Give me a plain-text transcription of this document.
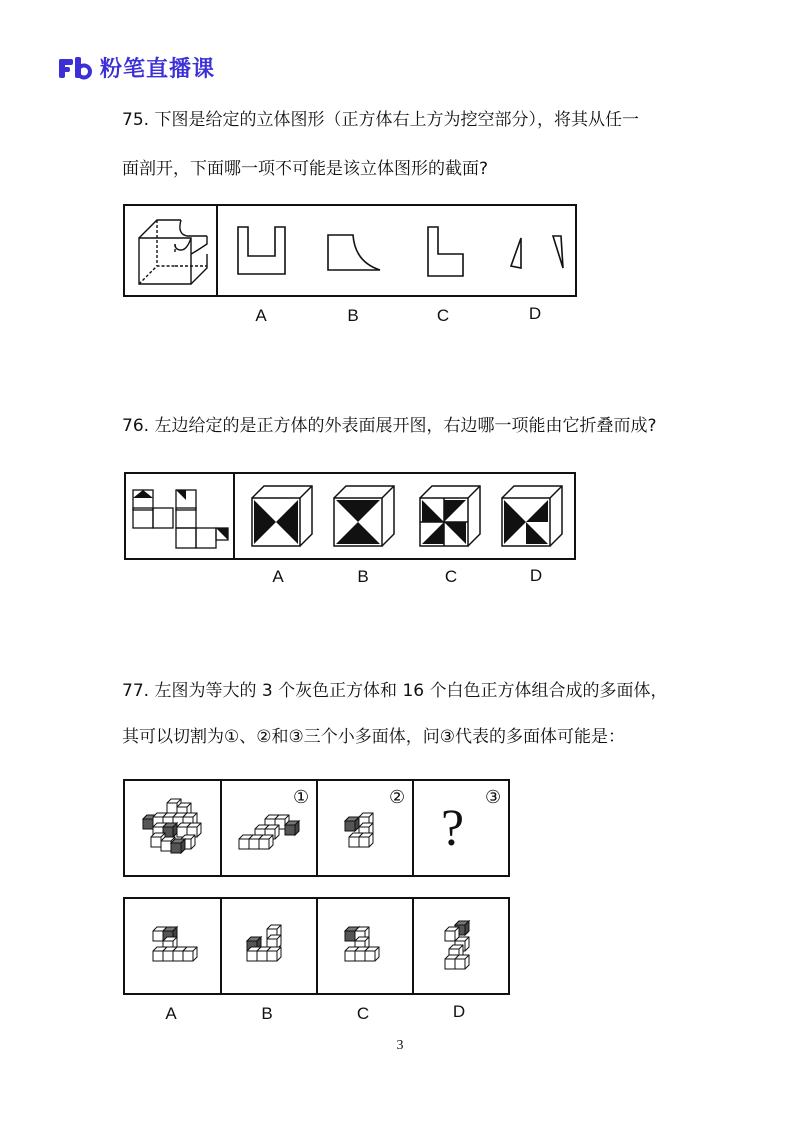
粉笔直播课
75. 下图是给定的立体图形（正方体右上方为挖空部分），将其从任一
面剖开，下面哪一项不可能是该立体图形的截面?
A	B	C	D
76. 左边给定的是正方体的外表面展开图，右边哪一项能由它折叠而成?
A	B	C	D
77. 左图为等大的 3 个灰色正方体和 16 个白色正方体组合成的多面体，
其可以切割为①、②和③三个小多面体，问③代表的多面体可能是：
①	②	③
?
A	B	C	D
3
